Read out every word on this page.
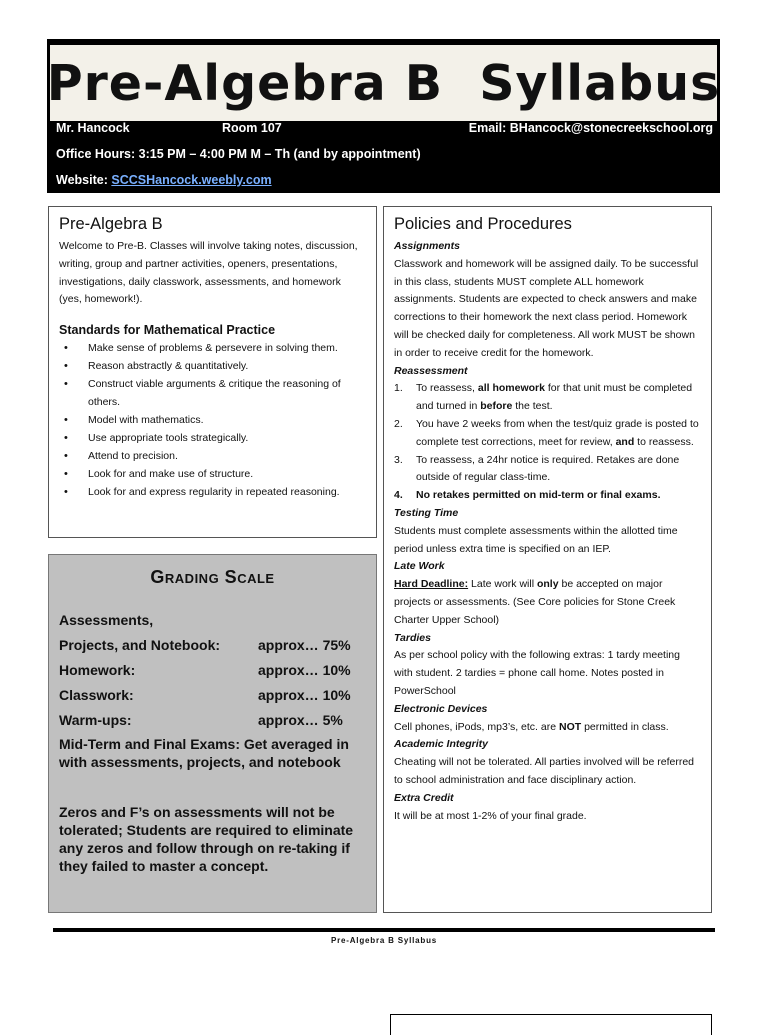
Pre-Algebra B  Syllabus
Mr. Hancock	Room 107	Email: BHancock@stonecreekschool.org
Office Hours: 3:15 PM – 4:00 PM M – Th (and by appointment)
Website: SCCSHancock.weebly.com
Pre-Algebra B
Welcome to Pre-B. Classes will involve taking notes, discussion, writing, group and partner activities, openers, presentations, investigations, daily classwork, assessments, and homework (yes, homework!).
Standards for Mathematical Practice
• Make sense of problems & persevere in solving them.
• Reason abstractly & quantitatively.
• Construct viable arguments & critique the reasoning of others.
• Model with mathematics.
• Use appropriate tools strategically.
• Attend to precision.
• Look for and make use of structure.
• Look for and express regularity in repeated reasoning.
Grading Scale
Assessments,
Projects, and Notebook:	approx… 75%
Homework:	approx… 10%
Classwork:	approx… 10%
Warm-ups:	approx… 5%
Mid-Term and Final Exams: Get averaged in with assessments, projects, and notebook
Zeros and F’s on assessments will not be tolerated; Students are required to eliminate any zeros and follow through on re-taking if they failed to master a concept.
Policies and Procedures
Assignments
Classwork and homework will be assigned daily. To be successful in this class, students MUST complete ALL homework assignments. Students are expected to check answers and make corrections to their homework the next class period. Homework will be checked daily for completeness. All work MUST be shown in order to receive credit for the homework.
Reassessment
1. To reassess, all homework for that unit must be completed and turned in before the test.
2. You have 2 weeks from when the test/quiz grade is posted to complete test corrections, meet for review, and to reassess.
3. To reassess, a 24hr notice is required. Retakes are done outside of regular class-time.
4. No retakes permitted on mid-term or final exams.
Testing Time
Students must complete assessments within the allotted time period unless extra time is specified on an IEP.
Late Work
Hard Deadline: Late work will only be accepted on major projects or assessments. (See Core policies for Stone Creek Charter Upper School)
Tardies
As per school policy with the following extras: 1 tardy meeting with student. 2 tardies = phone call home. Notes posted in PowerSchool
Electronic Devices
Cell phones, iPods, mp3’s, etc. are NOT permitted in class.
Academic Integrity
Cheating will not be tolerated. All parties involved will be referred to school administration and face disciplinary action.
Extra Credit
It will be at most 1-2% of your final grade.
Pre-Algebra B Syllabus
